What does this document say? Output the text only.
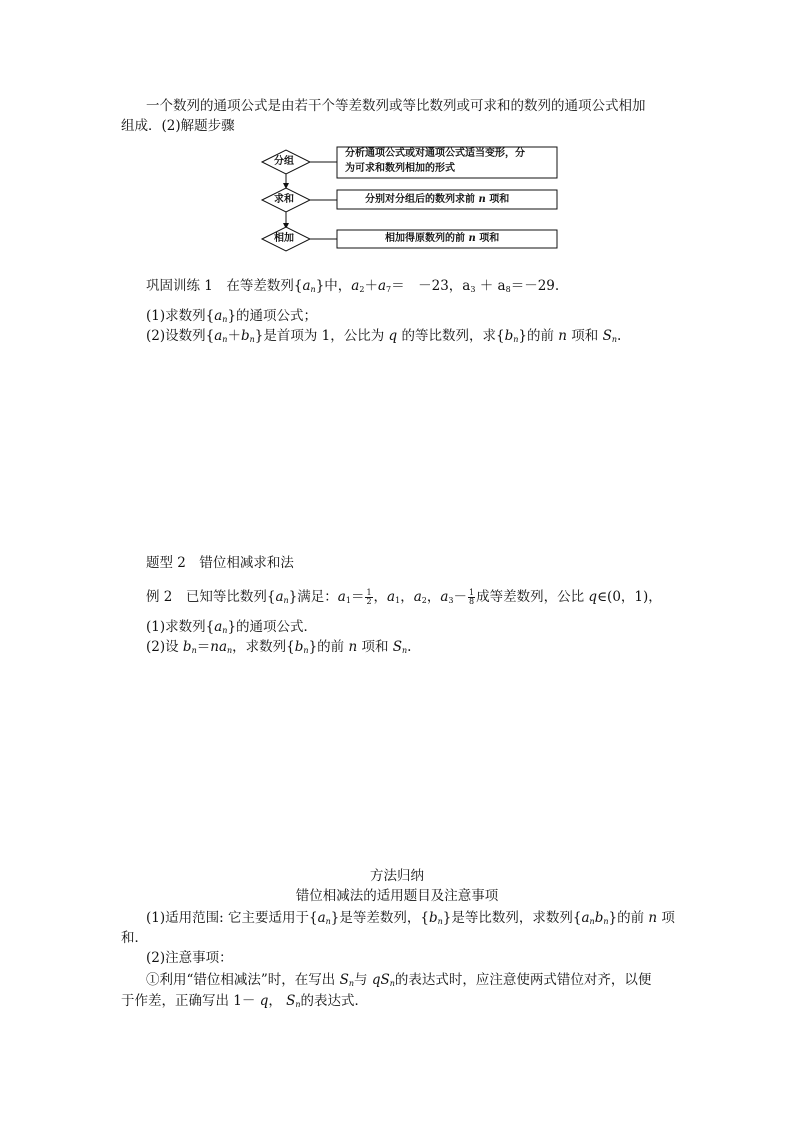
一个数列的通项公式是由若干个等差数列或等比数列或可求和的数列的通项公式相加
组成．(2)解题步骤
分组
分析通项公式或对通项公式适当变形，分
为可求和数列相加的形式
求和	分别对分组后的数列求前 n 项和
相加	相加得原数列的前 n 项和
巩固训练 1　在等差数列$\{a_n\}$中，$a_2+a_7=$　－23，$a_3 + a_8=-29$.
(1)求数列$\{a_n\}$的通项公式；
(2)设数列$\{a_n+b_n\}$是首项为 1，公比为 q 的等比数列，求$\{b_n\}$的前 n 项和 $S_n$.
题型 2　错位相减求和法
例 2　已知等比数列$\{a_n\}$满足：$a_1= \frac{1}{2}$ ，$a_1$，$a_2$，$a_3- \frac{1}{8}$ 成等差数列，公比 q∈(0，1)，
(1)求数列$\{a_n\}$的通项公式．
(2)设 $b_n=na_n$，求数列$\{b_n\}$的前 n 项和 $S_n$.
方法归纳
错位相减法的适用题目及注意事项
(1)适用范围: 它主要适用于$\{a_n\}$是等差数列，$\{b_n\}$是等比数列，求数列$\{a_nb_n\}$的前 n 项
和．
(2)注意事项：
①利用“错位相减法”时，在写出 $S_n$与 $qS_n$的表达式时，应注意使两式错位对齐，以便
于作差，正确写出 1－ q， $S_n$的表达式．
